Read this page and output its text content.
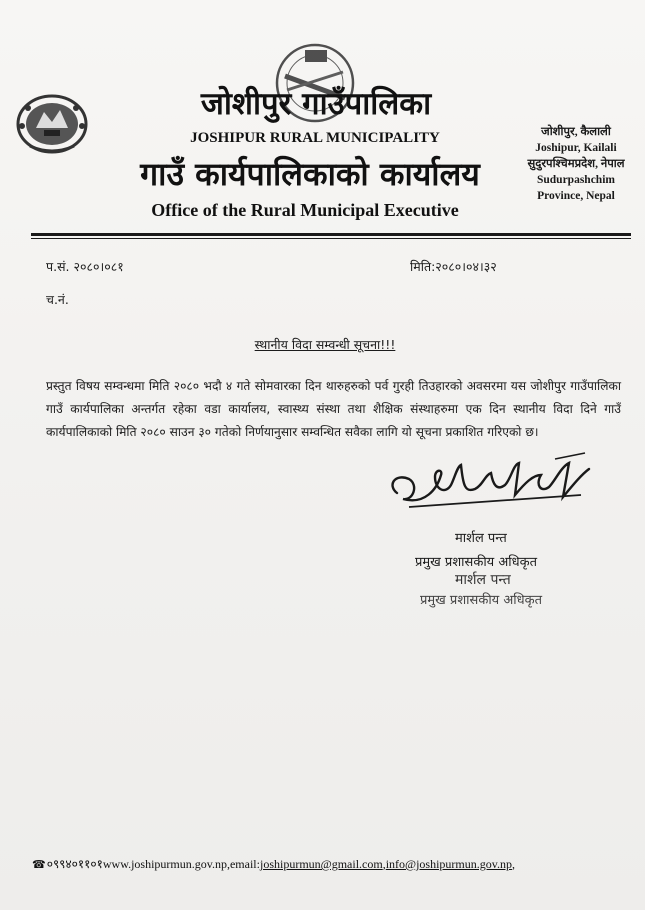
जोशीपुर गाउँपालिका
JOSHIPUR RURAL MUNICIPALITY
गाउँ कार्यपालिकाको कार्यालय
Office of the Rural Municipal Executive
जोशीपुर, कैलाली
Joshipur, Kailali
सुदुरपश्चिमप्रदेश, नेपाल
Sudurpashchim
Province, Nepal
प.सं. २०८०।०८१	मिति:२०८०।०४।३२
च.नं.
स्थानीय विदा सम्वन्धी सूचना!!!
प्रस्तुत विषय सम्वन्धमा मिति २०८० भदौ ४ गते सोमवारका दिन थारुहरुको पर्व गुरही तिउहारको अवसरमा यस जोशीपुर गाउँपालिका गाउँ कार्यपालिका अन्तर्गत रहेका वडा कार्यालय, स्वास्थ्य संस्था तथा शैक्षिक संस्थाहरुमा एक दिन स्थानीय विदा दिने गाउँ कार्यपालिकाको मिति २०८० साउन ३० गतेको निर्णयानुसार सम्वन्धित सवैका लागि यो सूचना प्रकाशित गरिएको छ।
मार्शल पन्त
प्रमुख प्रशासकीय अधिकृत
मार्शल पन्त
प्रमुख प्रशासकीय अधिकृत
☎०९९४०११०१www.joshipurmun.gov.np,email:joshipurmun@gmail.com,info@joshipurmun.gov.np,
